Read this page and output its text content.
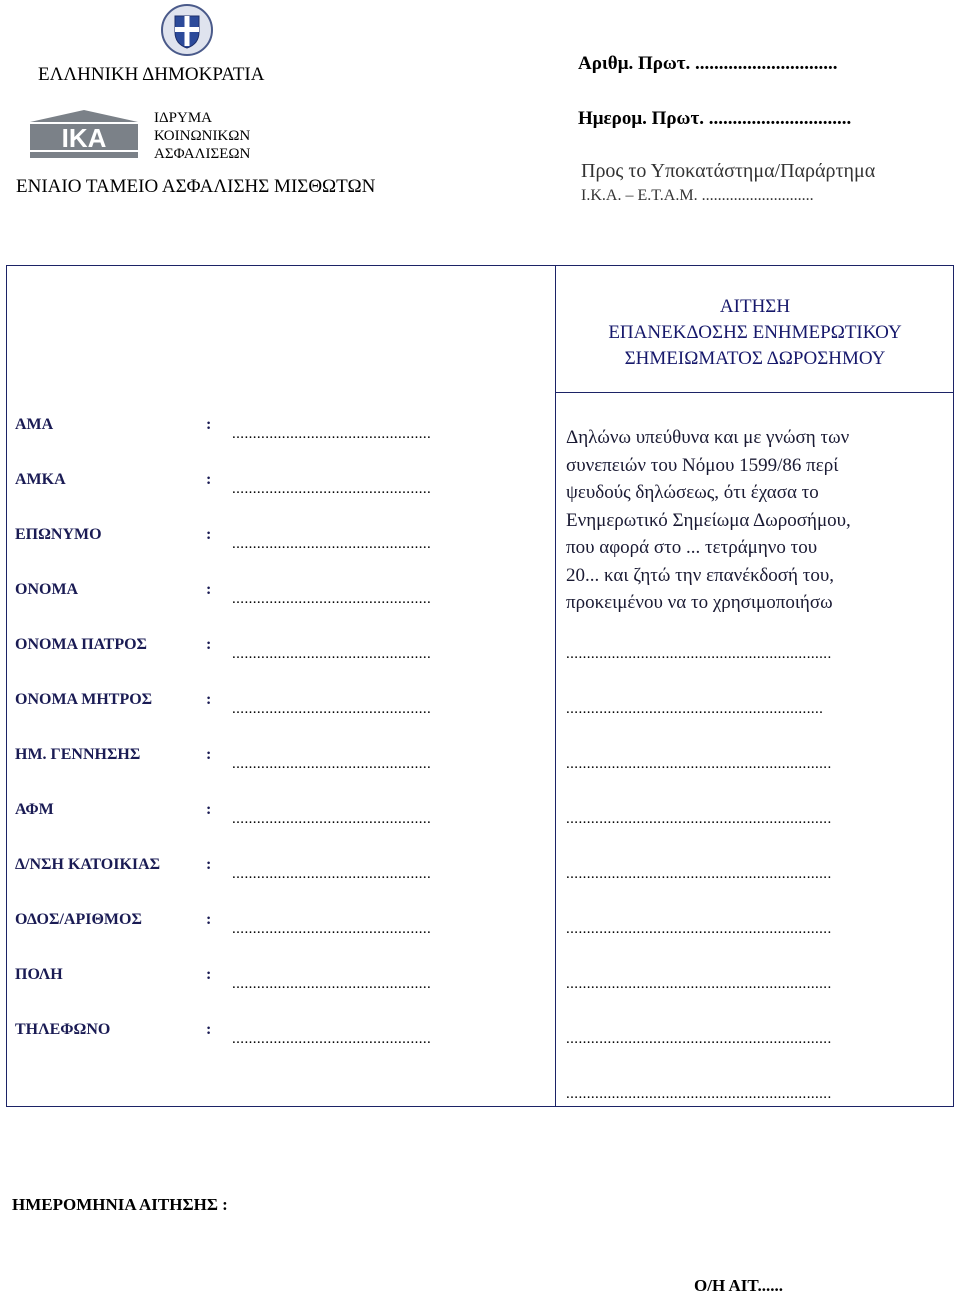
ΕΛΛΗΝΙΚΗ ΔΗΜΟΚΡΑΤΙΑ
IKA
ΙΔΡΥΜΑ
ΚΟΙΝΩΝΙΚΩΝ
ΑΣΦΑΛΙΣΕΩΝ
ΕΝΙΑΙΟ ΤΑΜΕΙΟ ΑΣΦΑΛΙΣΗΣ ΜΙΣΘΩΤΩΝ
Αριθμ. Πρωτ. ..............................
Ημερομ. Πρωτ. ..............................
Προς το Υποκατάστημα/Παράρτημα
Ι.Κ.Α. – Ε.Τ.Α.Μ. ............................
ΑΙΤΗΣΗ
ΕΠΑΝΕΚΔΟΣΗΣ ΕΝΗΜΕΡΩΤΙΚΟΥ
ΣΗΜΕΙΩΜΑΤΟΣ ΔΩΡΟΣΗΜΟΥ
ΑΜΑ	:
................................................
ΑΜΚΑ	:
................................................
ΕΠΩΝΥΜΟ	:
................................................
ΟΝΟΜΑ	:
................................................
ΟΝΟΜΑ ΠΑΤΡΟΣ	:
................................................
ΟΝΟΜΑ ΜΗΤΡΟΣ	:
................................................
ΗΜ. ΓΕΝΝΗΣΗΣ	:
................................................
ΑΦΜ	:
................................................
Δ/ΝΣΗ ΚΑΤΟΙΚΙΑΣ	:
................................................
ΟΔΟΣ/ΑΡΙΘΜΟΣ	:
................................................
ΠΟΛΗ	:
................................................
ΤΗΛΕΦΩΝΟ	:
................................................
Δηλώνω υπεύθυνα και με γνώση των
συνεπειών του Νόμου 1599/86 περί
ψευδούς δηλώσεως, ότι έχασα το
Ενημερωτικό Σημείωμα Δωροσήμου,
που αφορά στο ... τετράμηνο του
20... και ζητώ την επανέκδοσή του,
προκειμένου να το χρησιμοποιήσω
................................................................
..............................................................
................................................................
................................................................
................................................................
................................................................
................................................................
................................................................
................................................................
ΗΜΕΡΟΜΗΝΙΑ ΑΙΤΗΣΗΣ :
Ο/Η ΑΙΤ......
